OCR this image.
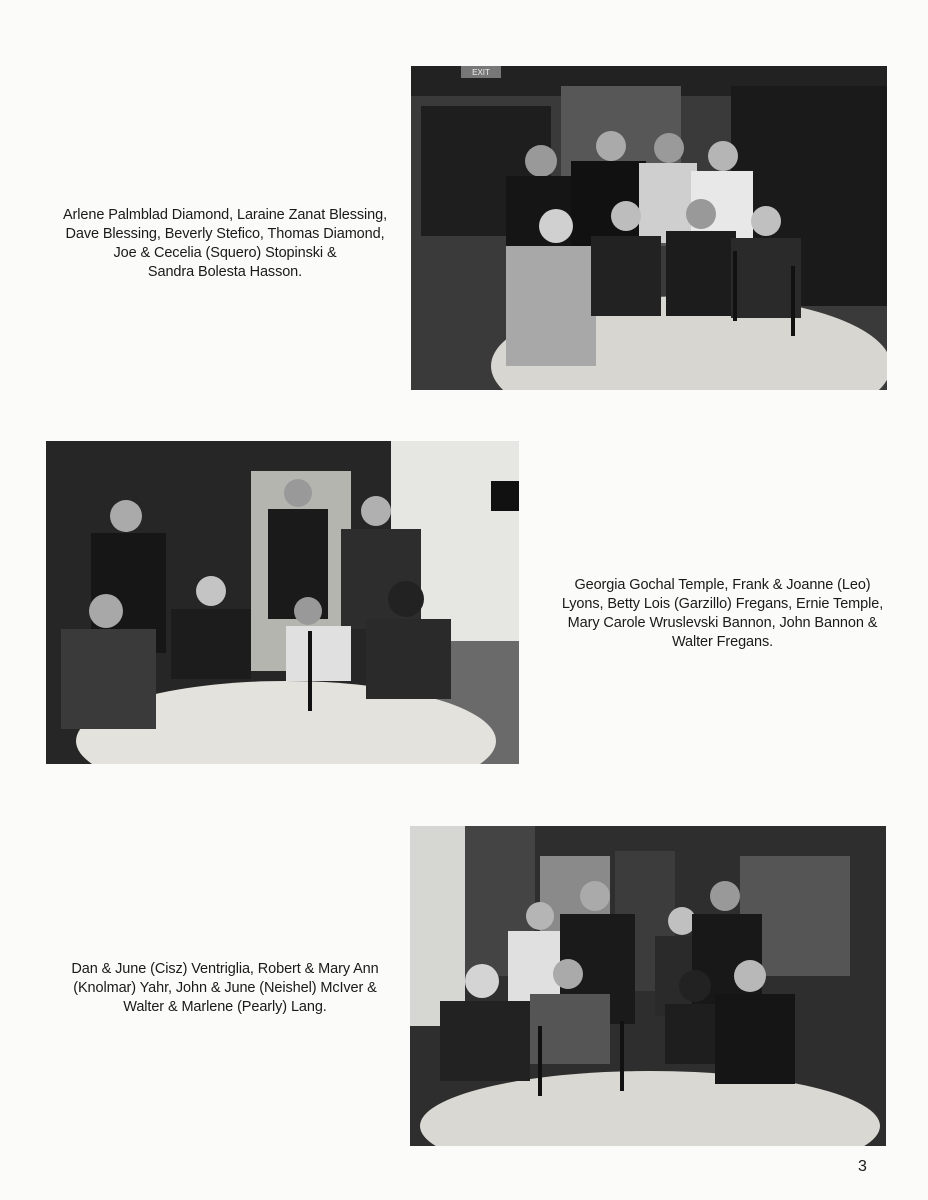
EXIT
Arlene Palmblad Diamond, Laraine Zanat Blessing,
Dave Blessing, Beverly Stefico, Thomas Diamond,
Joe & Cecelia (Squero) Stopinski &
Sandra Bolesta Hasson.
Georgia Gochal Temple, Frank & Joanne (Leo)
Lyons, Betty Lois (Garzillo) Fregans, Ernie Temple,
Mary Carole Wruslevski Bannon, John Bannon &
Walter Fregans.
Dan & June (Cisz) Ventriglia, Robert & Mary Ann
(Knolmar) Yahr, John & June (Neishel) McIver &
Walter & Marlene (Pearly) Lang.
3
